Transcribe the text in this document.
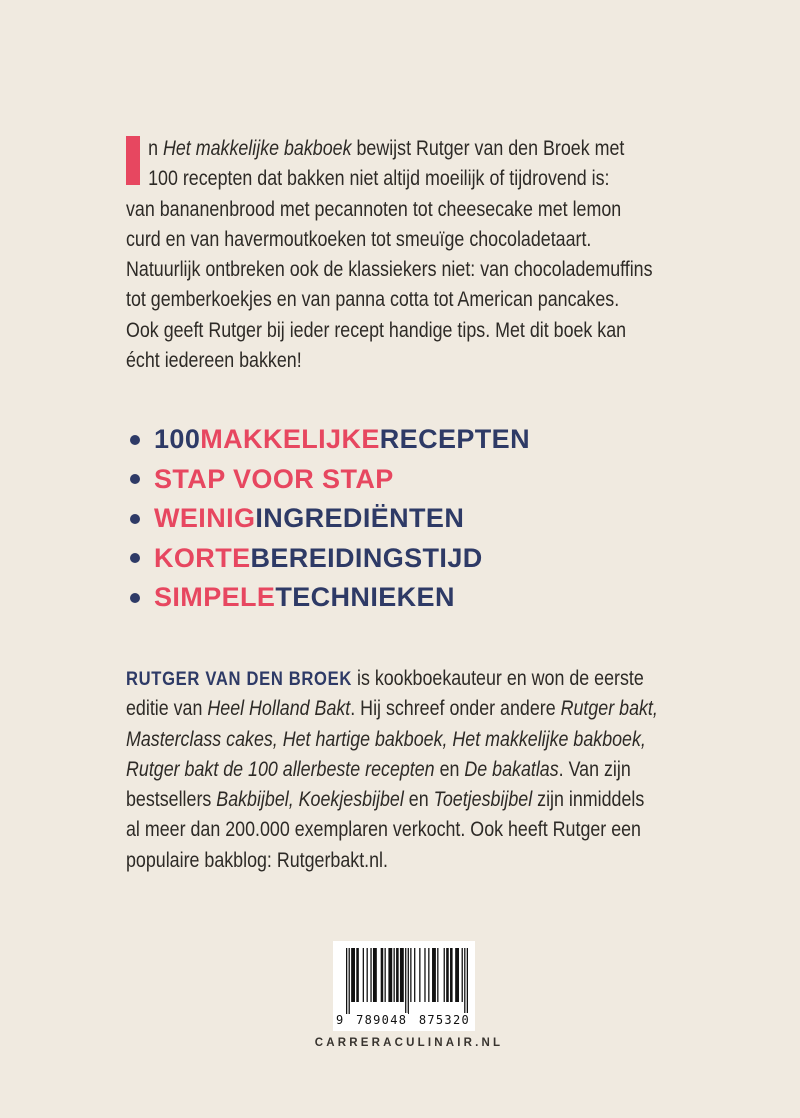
n Het makkelijke bakboek bewijst Rutger van den Broek met
100 recepten dat bakken niet altijd moeilijk of tijdrovend is:
van bananenbrood met pecannoten tot cheesecake met lemon
curd en van havermoutkoeken tot smeuïge chocoladetaart.
Natuurlijk ontbreken ook de klassiekers niet: van chocolademuffins
tot gemberkoekjes en van panna cotta tot American pancakes.
Ook geeft Rutger bij ieder recept handige tips. Met dit boek kan
écht iedereen bakken!
100 MAKKELIJKE RECEPTEN
STAP VOOR STAP
WEINIG INGREDIËNTEN
KORTE BEREIDINGSTIJD
SIMPELE TECHNIEKEN
RUTGER VAN DEN BROEK is kookboekauteur en won de eerste
editie van Heel Holland Bakt. Hij schreef onder andere Rutger bakt,
Masterclass cakes, Het hartige bakboek, Het makkelijke bakboek,
Rutger bakt de 100 allerbeste recepten en De bakatlas. Van zijn
bestsellers Bakbijbel, Koekjesbijbel en Toetjesbijbel zijn inmiddels
al meer dan 200.000 exemplaren verkocht. Ook heeft Rutger een
populaire bakblog: Rutgerbakt.nl.
9 789048 875320
CARRERACULINAIR.NL
